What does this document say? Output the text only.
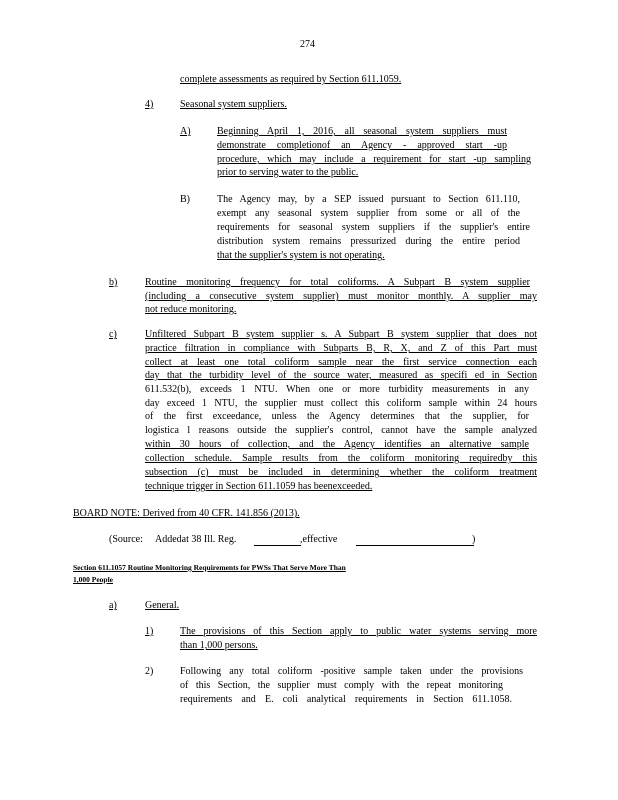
274
complete assessments as required by Section 611.1059.
4)	Seasonal system suppliers.
A)	Beginning April 1, 2016, all seasonal system suppliers must
demonstrate completionof an Agency - approved start -up
procedure, which may include a requirement for start -up sampling
prior to serving water to the public.
B)	The Agency may, by a SEP issued pursuant to Section 611.110,
exempt any seasonal system supplier from some or all of the
requirements for seasonal system suppliers if the supplier's entire
distribution system remains pressurized during the entire period
that the supplier's system is not operating.
b)	Routine monitoring frequency for total coliforms. A Subpart B system supplier
(including a consecutive system supplier) must monitor monthly. A supplier may
not reduce monitoring.
c)	Unfiltered Subpart B system supplier s. A Subpart B system supplier that does not
practice filtration in compliance with Subparts B, R, X, and Z of this Part must
collect at least one total coliform sample near the first service connection each
day that the turbidity level of the source water, measured as specifi ed in Section
611.532(b), exceeds 1 NTU. When one or more turbidity measurements in any
day exceed 1 NTU, the supplier must collect this coliform sample within 24 hours
of the first exceedance, unless the Agency determines that the supplier, for
logistica l reasons outside the supplier's control, cannot have the sample analyzed
within 30 hours of collection, and the Agency identifies an alternative sample
collection schedule. Sample results from the coliform monitoring requiredby this
subsection (c) must be included in determining whether the coliform treatment
technique trigger in Section 611.1059 has beenexceeded.
BOARD NOTE: Derived from 40 CFR. 141.856 (2013).
(Source: Addedat 38 Ill. Reg.	,effective	)
Section 611.1057 Routine Monitoring Requirements for PWSs That Serve More Than
1,000 People
a)	General.
1)	The provisions of this Section apply to public water systems serving more
than 1,000 persons.
2)	Following any total coliform -positive sample taken under the provisions
of this Section, the supplier must comply with the repeat monitoring
requirements and E. coli analytical requirements in Section 611.1058.
